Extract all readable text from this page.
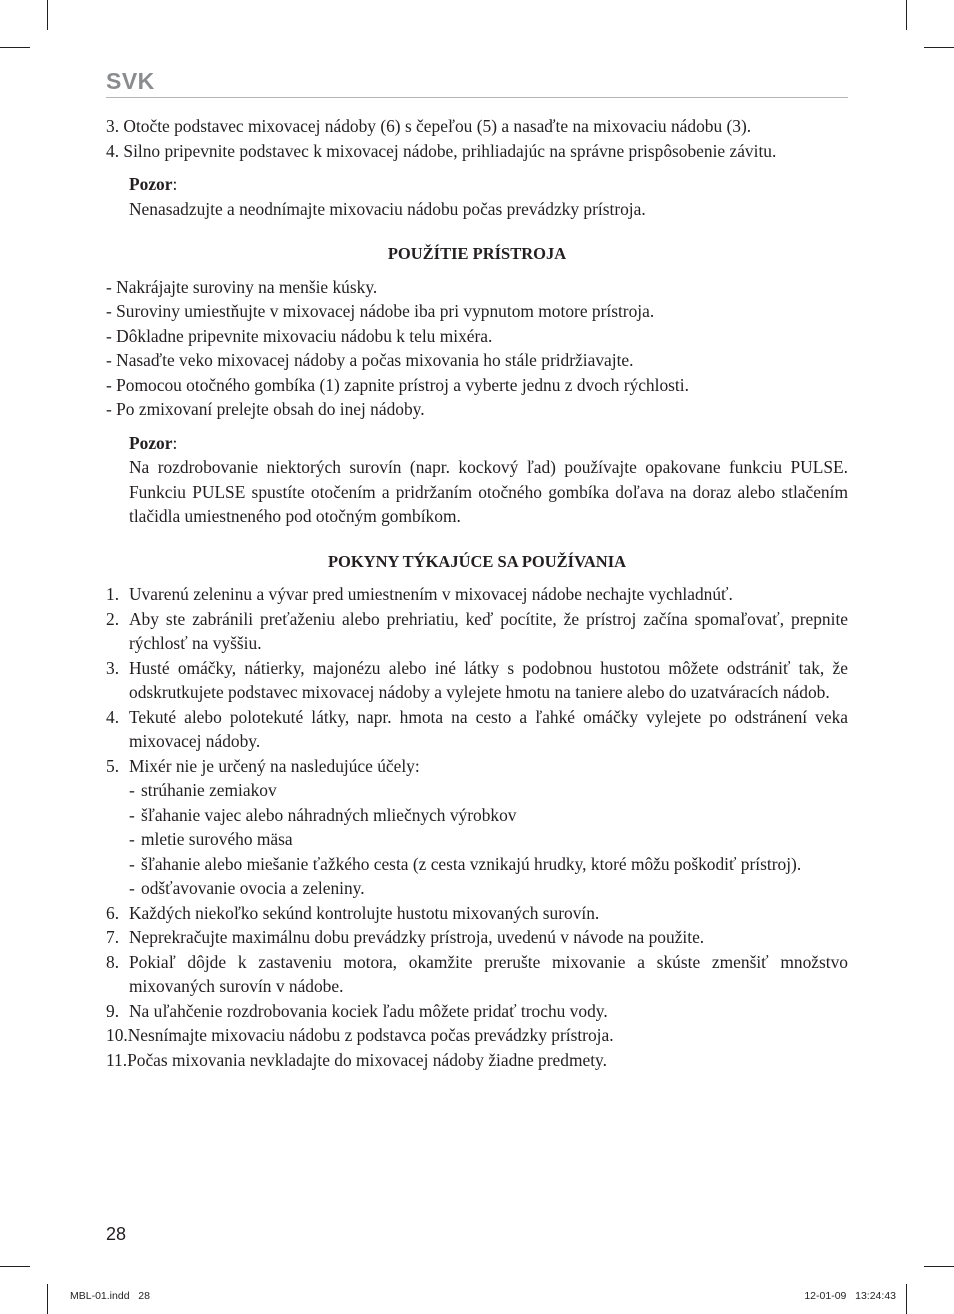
SVK
3.
Otočte podstavec mixovacej nádoby (6) s čepeľou (5) a nasaďte na mixovaciu nádobu (3).
4.
Silno pripevnite podstavec k mixovacej nádobe, prihliadajúc na správne prispôsobenie závitu.

Pozor:

Nenasadzujte a neodnímajte mixovaciu nádobu počas prevádzky prístroja.

POUŽÍTIE PRÍSTROJA
- Nakrájajte suroviny na menšie kúsky.
- Suroviny umiestňujte v mixovacej nádobe iba pri vypnutom motore prístroja.
- Dôkladne pripevnite mixovaciu nádobu k telu mixéra.
- Nasaďte veko mixovacej nádoby a počas mixovania ho stále pridržiavajte.
- Pomocou otočného gombíka (1) zapnite prístroj a vyberte jednu z dvoch rýchlosti.
- Po zmixovaní prelejte obsah do inej nádoby.

Pozor:

Na rozdrobovanie niektorých surovín (napr. kockový ľad) používajte opakovane funkciu PULSE. Funkciu PULSE spustíte otočením a pridržaním otočného gombíka doľava na doraz alebo stlačením tlačidla umiestneného pod otočným gombíkom.

POKYNY TÝKAJÚCE SA POUŽÍVANIA
1. Uvarenú zeleninu a vývar pred umiestnením v mixovacej nádobe nechajte vychladnúť.
2. Aby ste zabránili preťaženiu alebo prehriatiu, keď pocítite, že prístroj začína spomaľovať, prepnite rýchlosť na vyššiu.
3. Husté omáčky, nátierky, majonézu alebo iné látky s podobnou hustotou môžete odstrániť tak, že odskrutkujete podstavec mixovacej nádoby a vylejete hmotu na taniere alebo do uzatváracích nádob.
4. Tekuté alebo polotekuté látky, napr. hmota na cesto a ľahké omáčky vylejete po odstránení veka mixovacej nádoby.
5. Mixér nie je určený na nasledujúce účely:
- strúhanie zemiakov
- šľahanie vajec alebo náhradných mliečnych výrobkov
- mletie surového mäsa
- šľahanie alebo miešanie ťažkého cesta (z cesta vznikajú hrudky, ktoré môžu poškodiť prístroj).
- odšťavovanie ovocia a zeleniny.
6. Každých niekoľko sekúnd kontrolujte hustotu mixovaných surovín.
7. Neprekračujte maximálnu dobu prevádzky prístroja, uvedenú v návode na použite.
8. Pokiaľ dôjde k zastaveniu motora, okamžite prerušte mixovanie a skúste zmenšiť množstvo mixovaných surovín v nádobe.
9. Na uľahčenie rozdrobovania kociek ľadu môžete pridať trochu vody.
10. Nesnímajte mixovaciu nádobu z podstavca počas prevádzky prístroja.
11. Počas mixovania nevkladajte do mixovacej nádoby žiadne predmety.
28
MBL-01.indd   28	12-01-09   13:24:43
